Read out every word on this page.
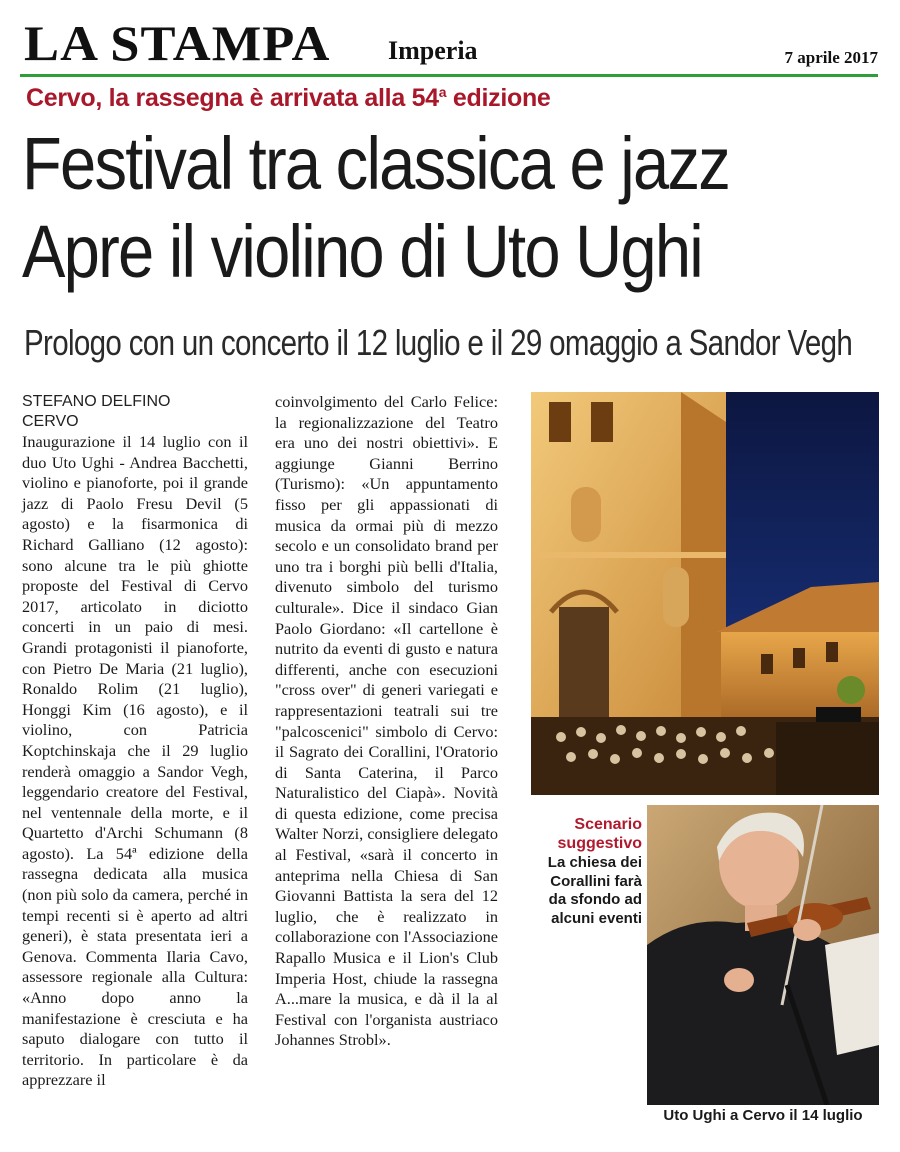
LA STAMPA Imperia	7 aprile 2017
Cervo, la rassegna è arrivata alla 54$^a$ edizione
Festival tra classica e jazz
Apre il violino di Uto Ughi
Prologo con un concerto il 12 luglio e il 29 omaggio a Sandor Vegh
STEFANO DELFINO
CERVO
Inaugurazione il 14 luglio con il duo Uto Ughi - Andrea Bacchetti, violino e pianoforte, poi il grande jazz di Paolo Fresu Devil (5 agosto) e la fisarmonica di Richard Galliano (12 agosto): sono alcune tra le più ghiotte proposte del Festival di Cervo 2017, articolato in diciotto concerti in un paio di mesi. Grandi protagonisti il pianoforte, con Pietro De Maria (21 luglio), Ronaldo Rolim (21 luglio), Honggi Kim (16 agosto), e il violino, con Patricia Koptchinskaja che il 29 luglio renderà omaggio a Sandor Vegh, leggendario creatore del Festival, nel ventennale della morte, e il Quartetto d'Archi Schumann (8 agosto). La 54ª edizione della rassegna dedicata alla musica (non più solo da camera, perché in tempi recenti si è aperto ad altri generi), è stata presentata ieri a Genova. Commenta Ilaria Cavo, assessore regionale alla Cultura: «Anno dopo anno la manifestazione è cresciuta e ha saputo dialogare con tutto il territorio. In particolare è da apprezzare il
coinvolgimento del Carlo Felice: la regionalizzazione del Teatro era uno dei nostri obiettivi». E aggiunge Gianni Berrino (Turismo): «Un appuntamento fisso per gli appassionati di musica da ormai più di mezzo secolo e un consolidato brand per uno tra i borghi più belli d'Italia, divenuto simbolo del turismo culturale». Dice il sindaco Gian Paolo Giordano: «Il cartellone è nutrito da eventi di gusto e natura differenti, anche con esecuzioni "cross over" di generi variegati e rappresentazioni teatrali sui tre "palcoscenici" simbolo di Cervo: il Sagrato dei Corallini, l'Oratorio di Santa Caterina, il Parco Naturalistico del Ciapà». Novità di questa edizione, come precisa Walter Norzi, consigliere delegato al Festival, «sarà il concerto in anteprima nella Chiesa di San Giovanni Battista la sera del 12 luglio, che è realizzato in collaborazione con l'Associazione Rapallo Musica e il Lion's Club Imperia Host, chiude la rassegna A...mare la musica, e dà il la al Festival con l'organista austriaco Johannes Strobl».
Scenario suggestivo
La chiesa dei Corallini farà da sfondo ad alcuni eventi
Uto Ughi a Cervo il 14 luglio
